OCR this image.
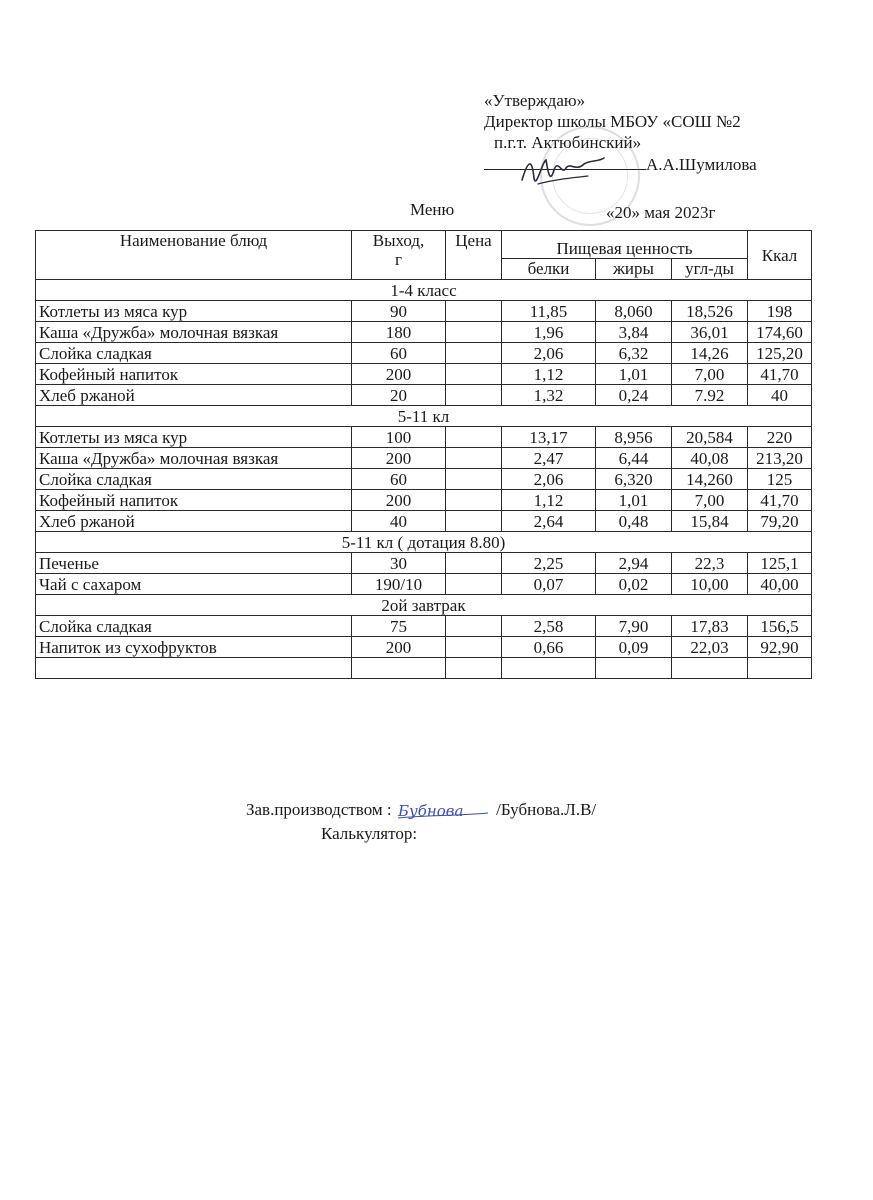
«Утверждаю»
Директор школы МБОУ «СОШ №2
п.г.т. Актюбинский»
А.А.Шумилова
Меню	«20» мая 2023г
Наименование блюд	Выход,
г	Цена	Пищевая ценность			Ккал
			белки	жиры	угл-ды	
1-4 класс						
Котлеты из мяса кур	90		11,85	8,060	18,526	198
Каша «Дружба» молочная вязкая	180		1,96	3,84	36,01	174,60
Слойка сладкая	60		2,06	6,32	14,26	125,20
Кофейный напиток	200		1,12	1,01	7,00	41,70
Хлеб ржаной	20		1,32	0,24	7.92	40
5-11 кл						
Котлеты из мяса кур	100		13,17	8,956	20,584	220
Каша «Дружба» молочная вязкая	200		2,47	6,44	40,08	213,20
Слойка сладкая	60		2,06	6,320	14,260	125
Кофейный напиток	200		1,12	1,01	7,00	41,70
Хлеб ржаной	40		2,64	0,48	15,84	79,20
5-11 кл ( дотация 8.80)						
Печенье	30		2,25	2,94	22,3	125,1
Чай с сахаром	190/10		0,07	0,02	10,00	40,00
2ой завтрак						
Слойка сладкая	75		2,58	7,90	17,83	156,5
Напиток из сухофруктов	200		0,66	0,09	22,03	92,90

Зав.производством : Бубнова /Бубнова.Л.В/
Калькулятор:
